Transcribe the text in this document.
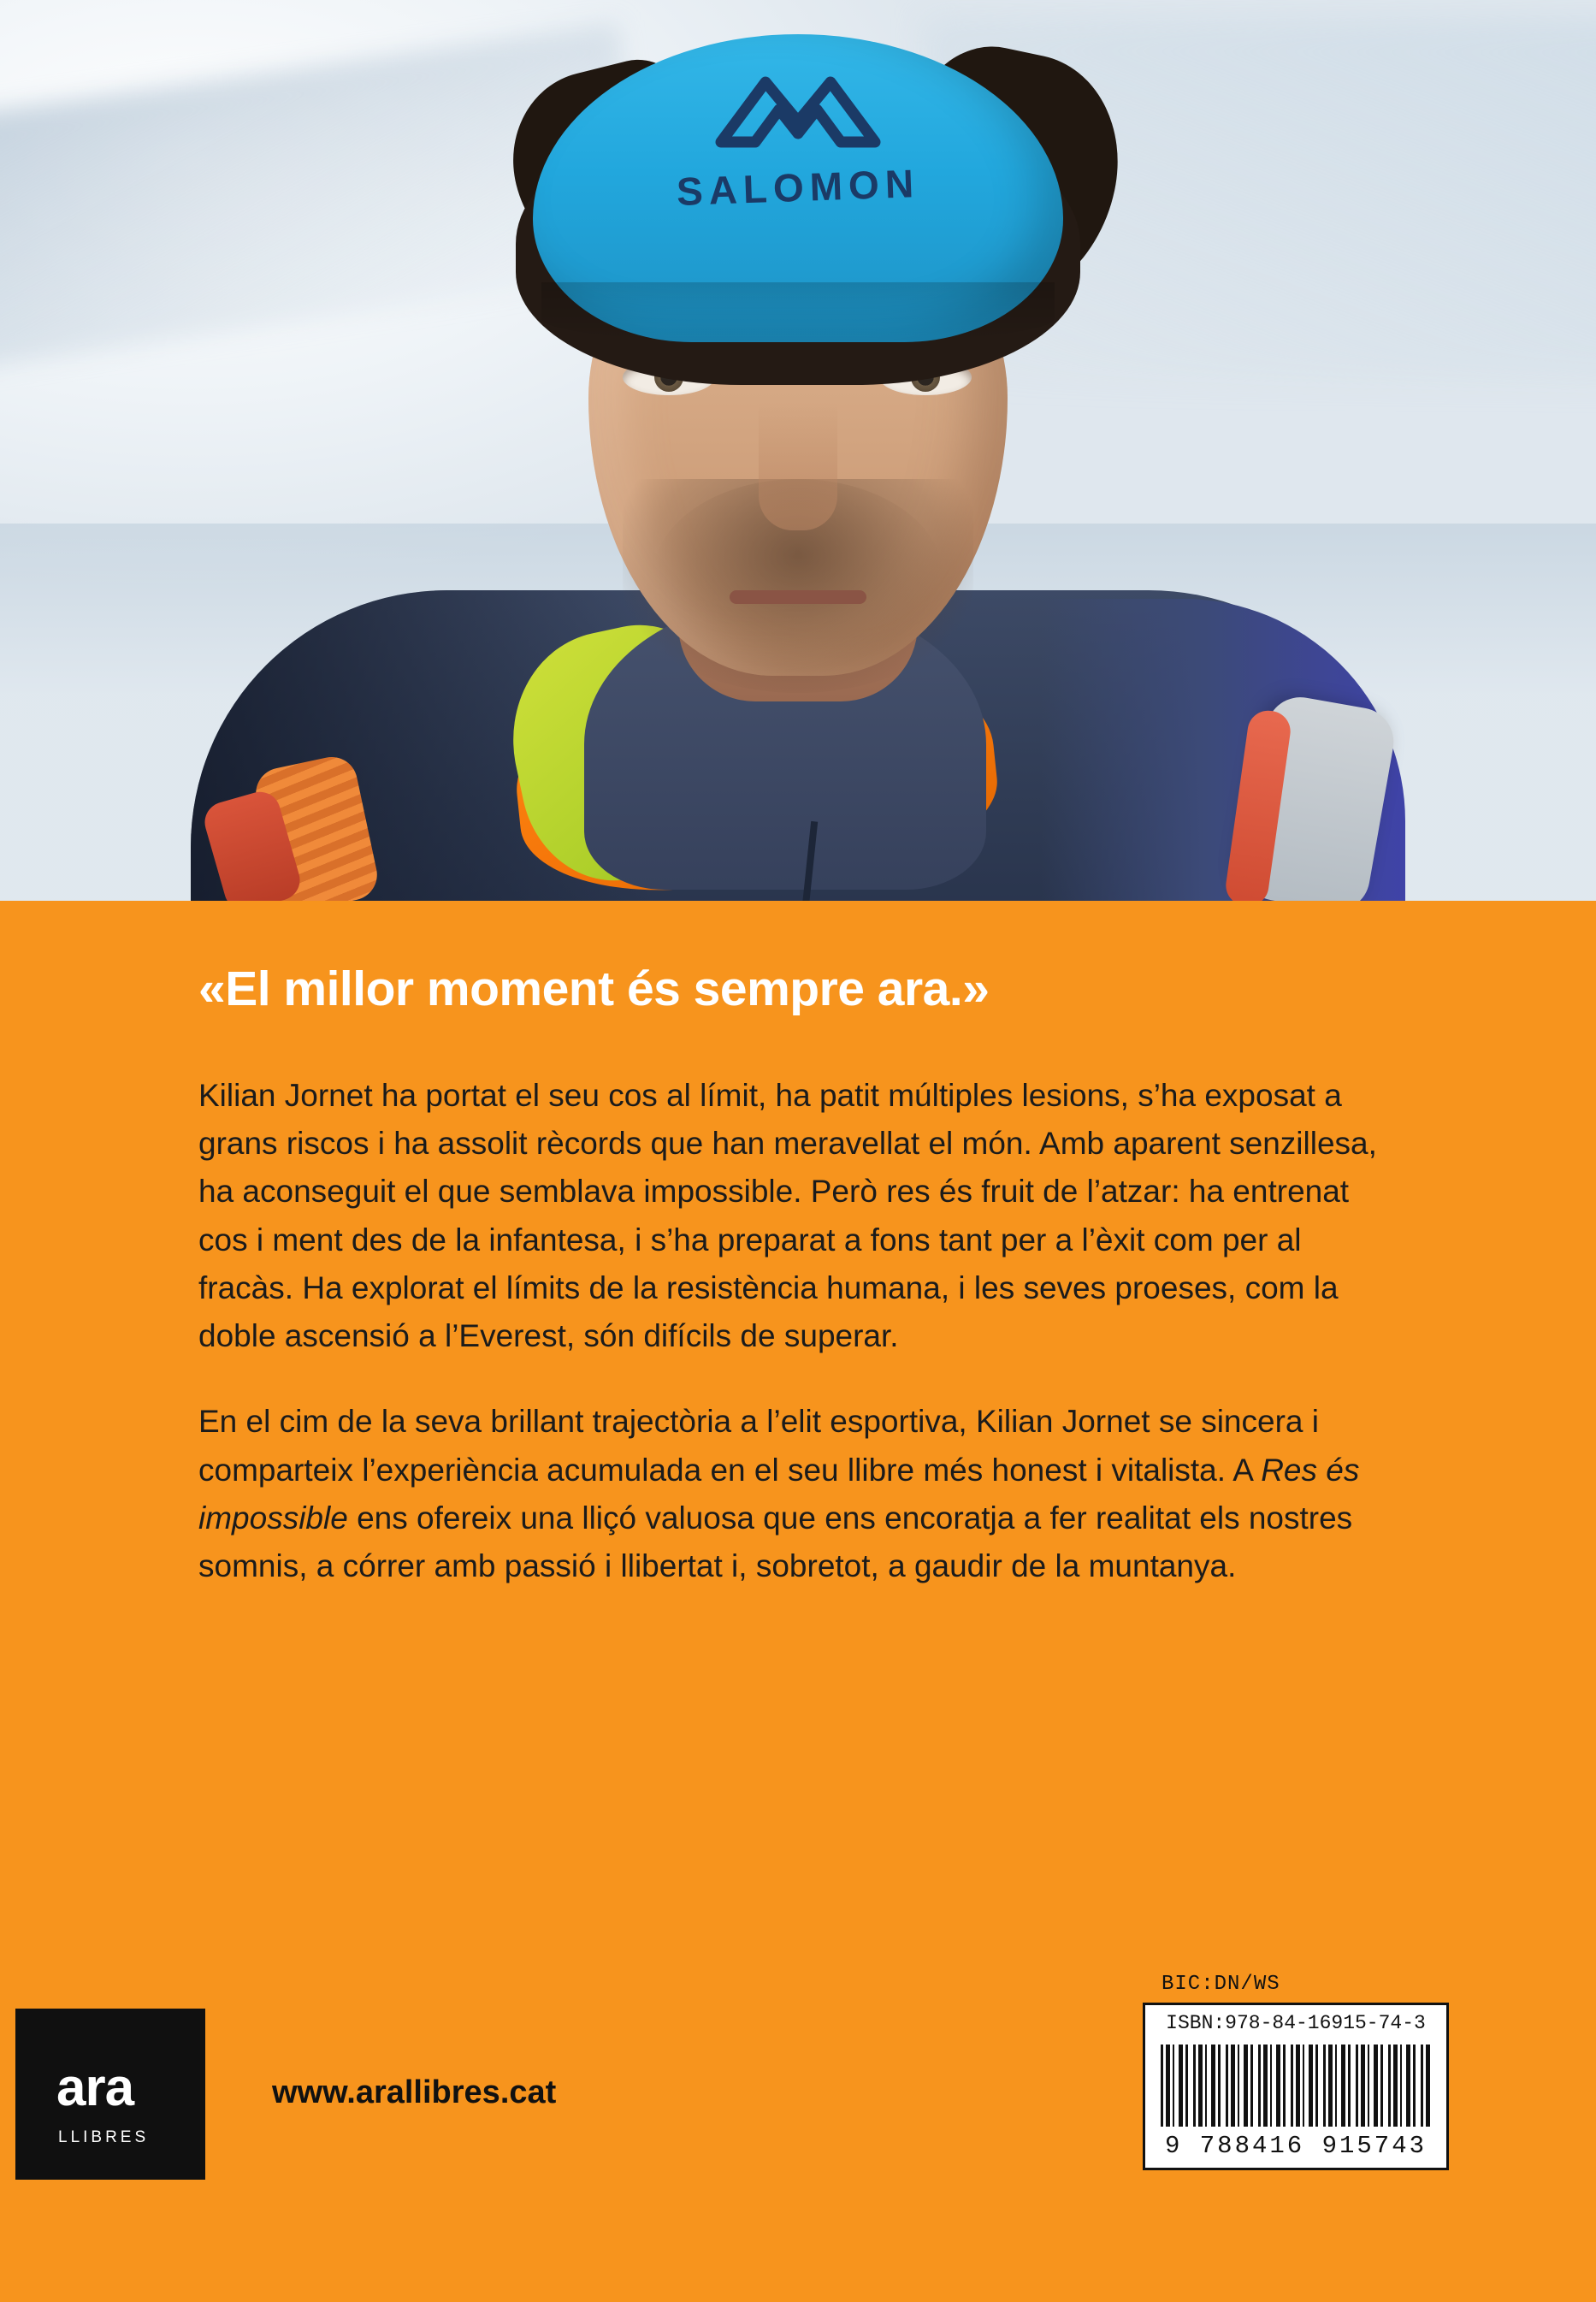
SALOMON
«El millor moment és sempre ara.»

Kilian Jornet ha portat el seu cos al límit, ha patit múltiples lesions, s’ha exposat a grans riscos i ha assolit rècords que han meravellat el món. Amb aparent senzillesa, ha aconseguit el que semblava impossible. Però res és fruit de l’atzar: ha entrenat cos i ment des de la infantesa, i s’ha preparat a fons tant per a l’èxit com per al fracàs. Ha explorat el límits de la resistència humana, i les seves proeses, com la doble ascensió a l’Everest, són difícils de superar.

En el cim de la seva brillant trajectòria a l’elit esportiva, Kilian Jornet se sincera i comparteix l’experiència acumulada en el seu llibre més honest i vitalista. A Res és impossible ens ofereix una lliçó valuosa que ens encoratja a fer realitat els nostres somnis, a córrer amb passió i llibertat i, sobretot, a gaudir de la muntanya.

ara
LLIBRES
www.arallibres.cat
BIC:DN/WS
ISBN:978-84-16915-74-3
9 788416 915743
